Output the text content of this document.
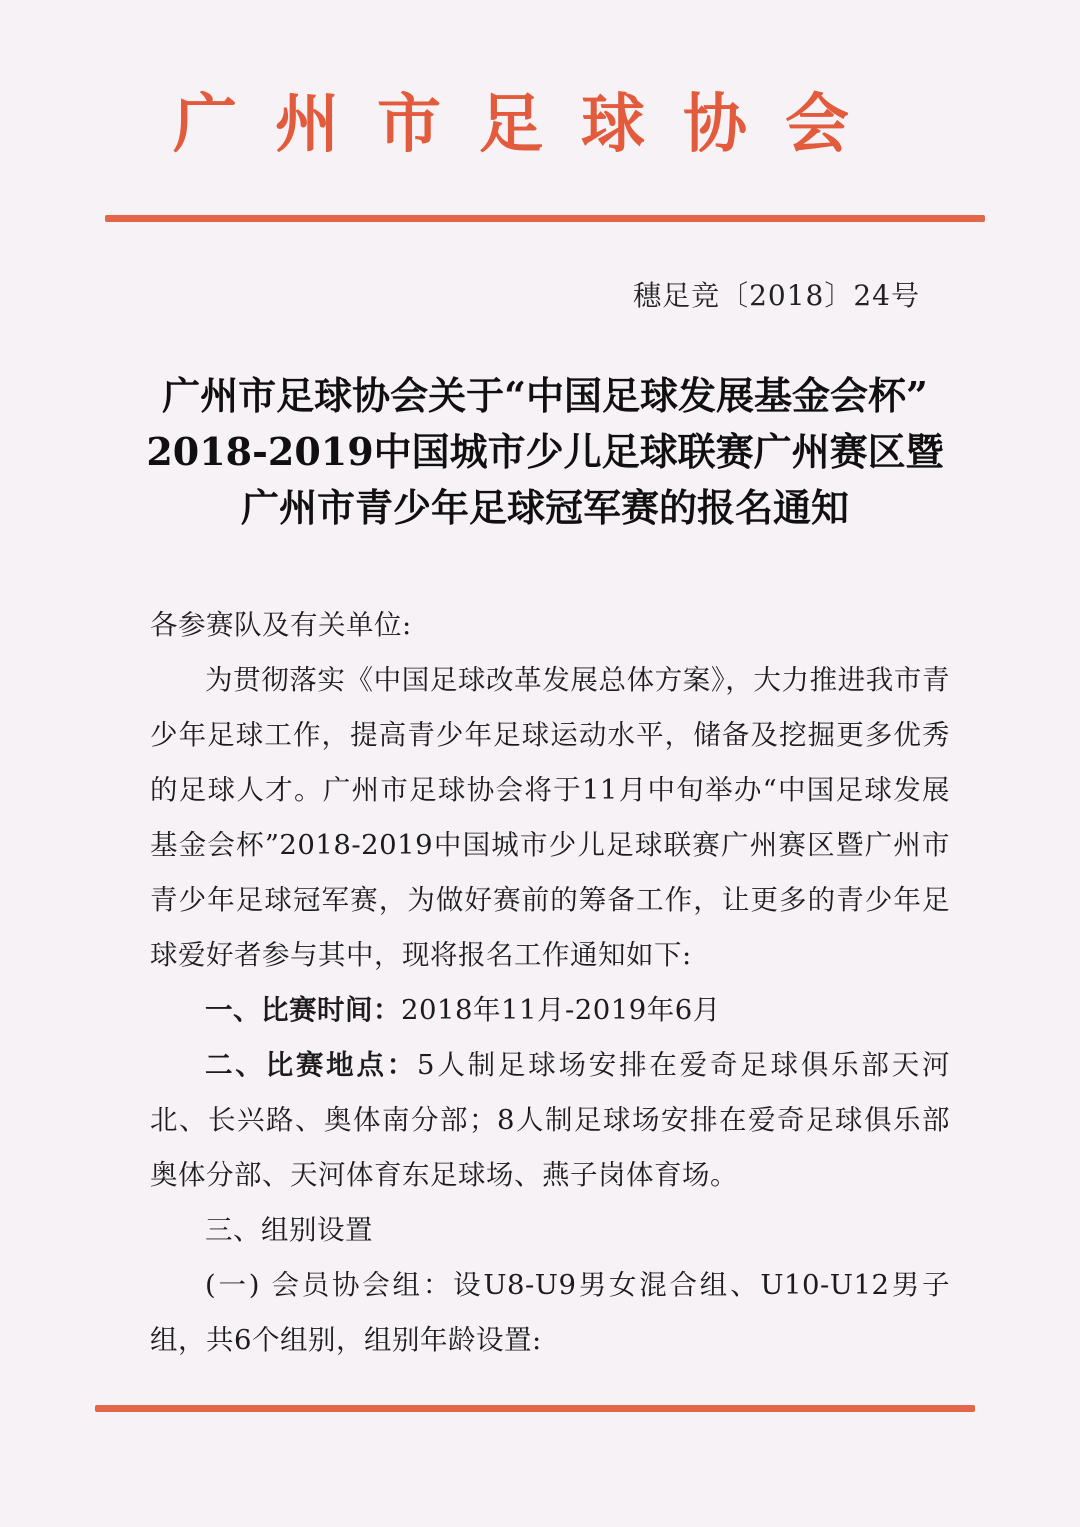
广州市足球协会
穗足竞〔2018〕24号
广州市足球协会关于“中国足球发展基金会杯”
2018-2019中国城市少儿足球联赛广州赛区暨
广州市青少年足球冠军赛的报名通知

各参赛队及有关单位:

为贯彻落实《中国足球改革发展总体方案》，大力推进我市青少年足球工作，提高青少年足球运动水平，储备及挖掘更多优秀的足球人才。广州市足球协会将于11月中旬举办“中国足球发展基金会杯”2018-2019中国城市少儿足球联赛广州赛区暨广州市青少年足球冠军赛，为做好赛前的筹备工作，让更多的青少年足球爱好者参与其中，现将报名工作通知如下:

一、比赛时间：2018年11月-2019年6月

二、比赛地点：5人制足球场安排在爱奇足球俱乐部天河北、长兴路、奥体南分部；8人制足球场安排在爱奇足球俱乐部奥体分部、天河体育东足球场、燕子岗体育场。

三、组别设置

(一) 会员协会组：设U8-U9男女混合组、U10-U12男子组，共6个组别，组别年龄设置:
